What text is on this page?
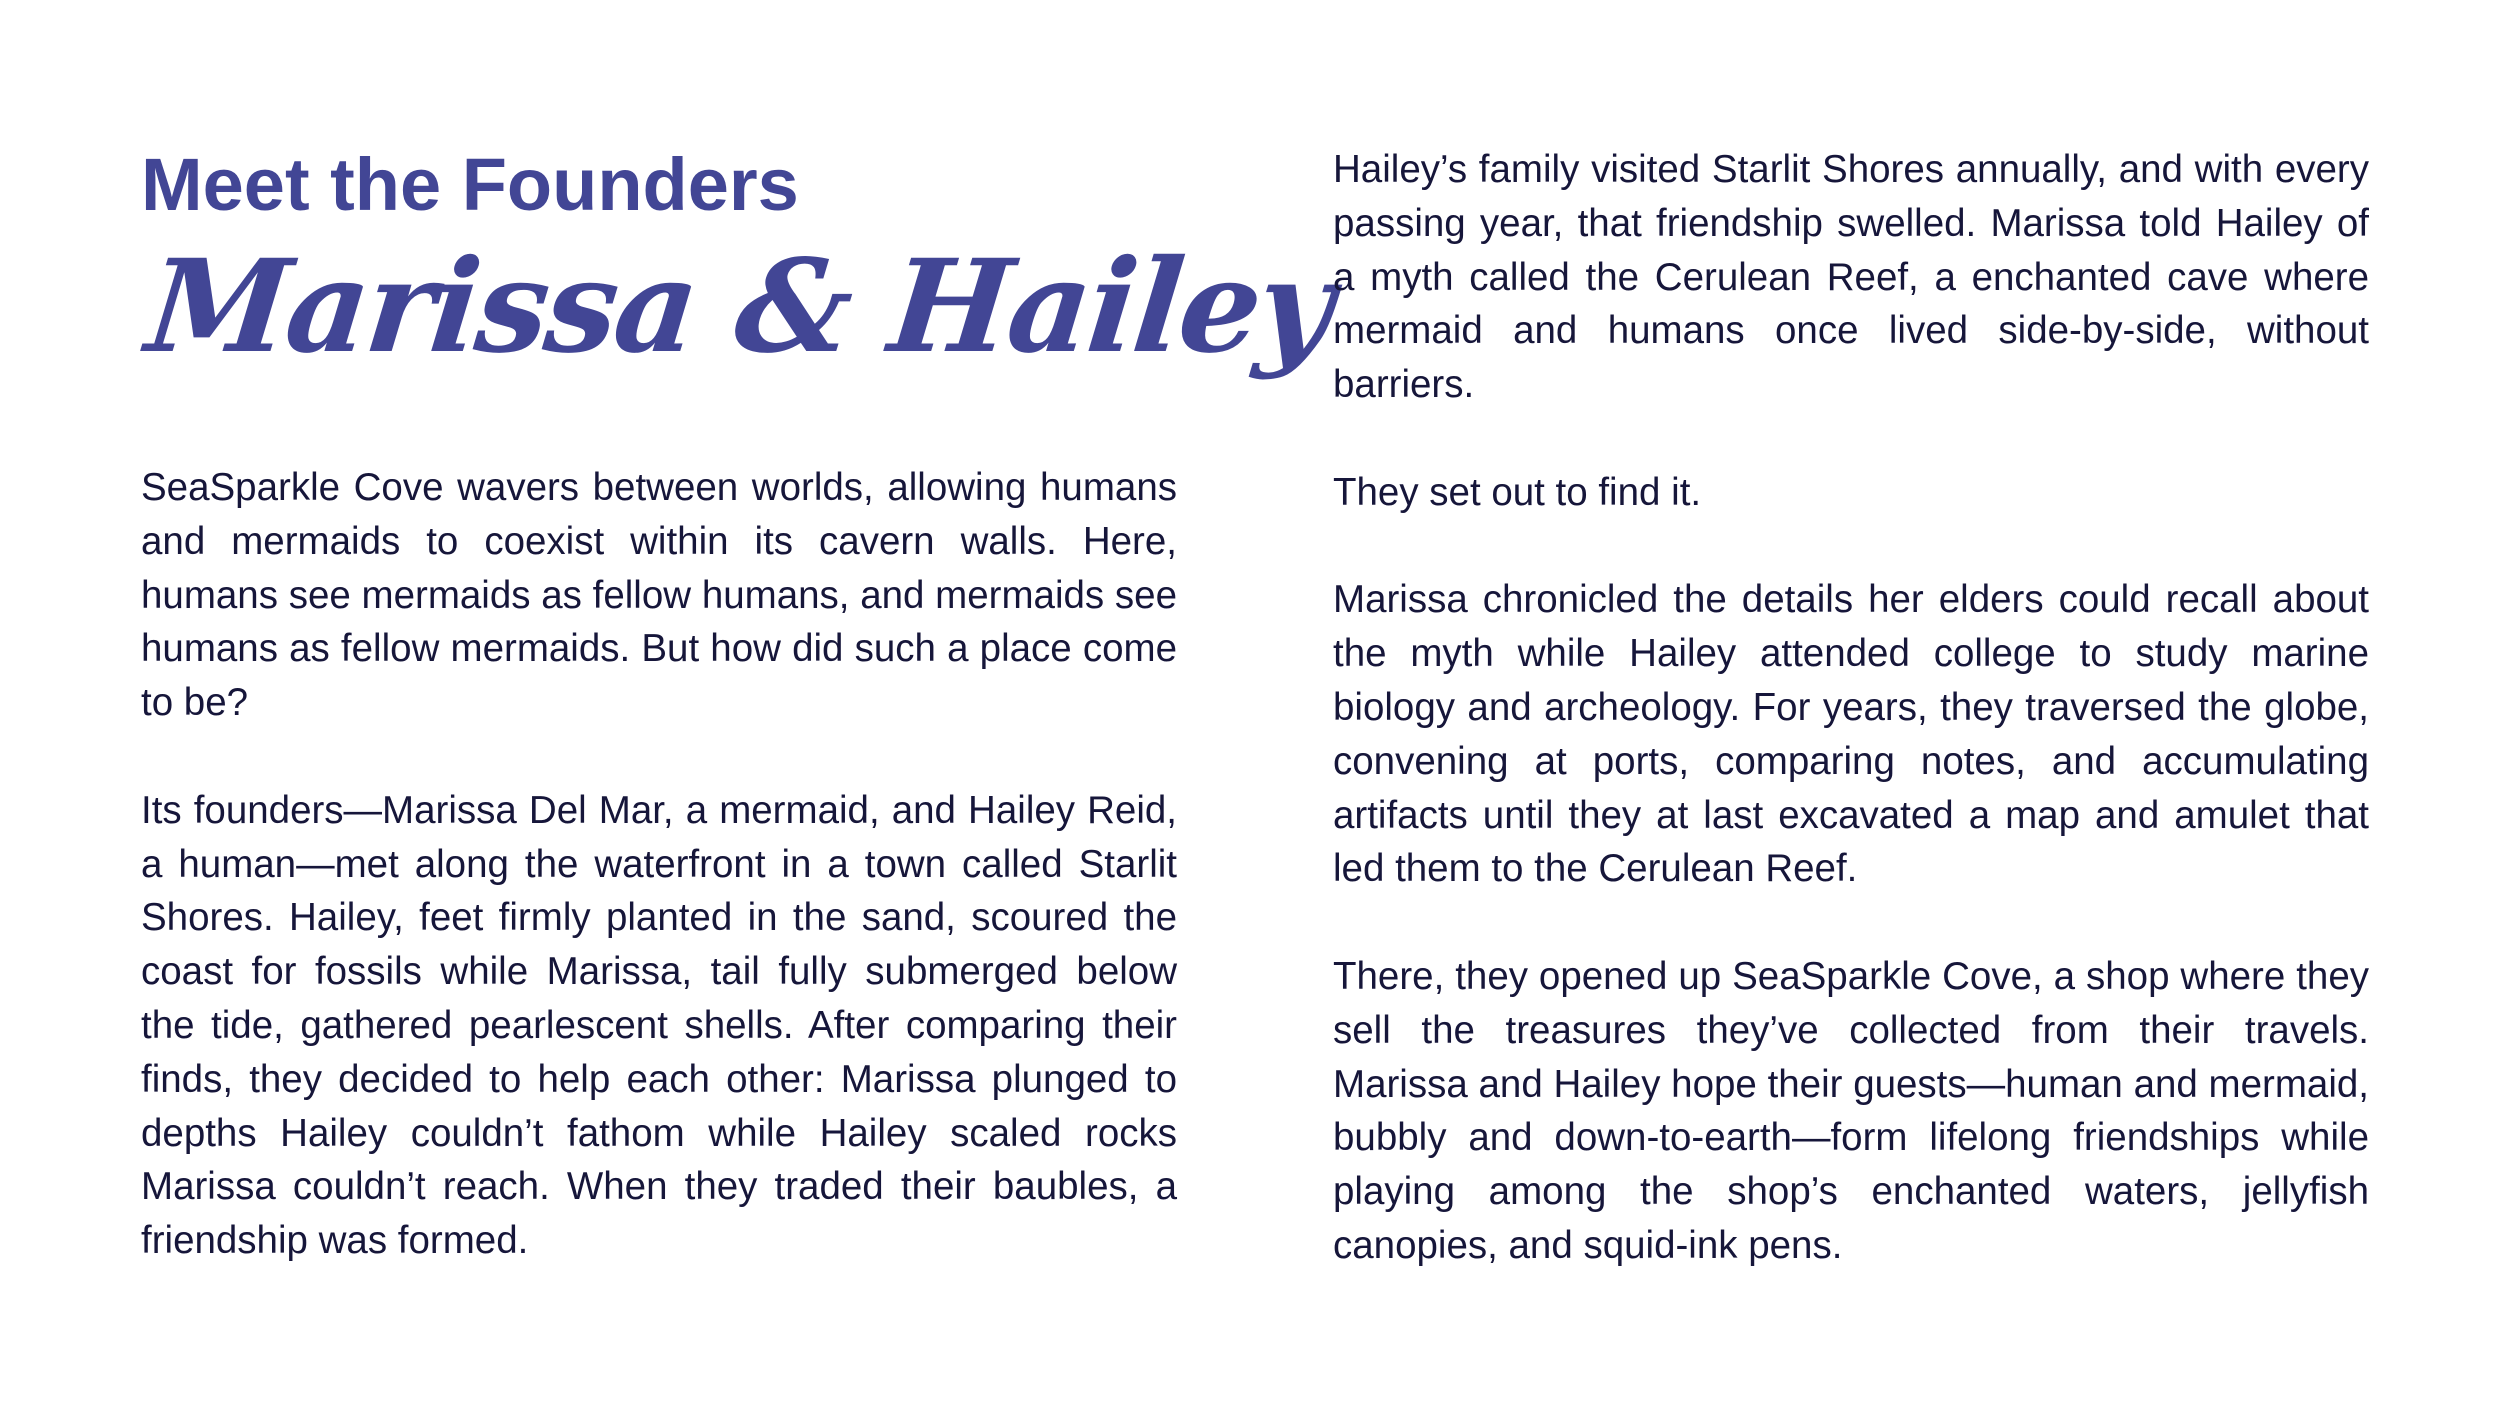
Meet the Founders
Marissa & Hailey

SeaSparkle Cove wavers between worlds, allowing humans and mermaids to coexist within its cavern walls. Here, humans see mermaids as fellow humans, and mermaids see humans as fellow mermaids. But how did such a place come to be?

Its founders—Marissa Del Mar, a mermaid, and Hailey Reid, a human—met along the waterfront in a town called Starlit Shores. Hailey, feet firmly planted in the sand, scoured the coast for fossils while Marissa, tail fully submerged below the tide, gathered pearlescent shells. After comparing their finds, they decided to help each other: Marissa plunged to depths Hailey couldn’t fathom while Hailey scaled rocks Marissa couldn’t reach. When they traded their baubles, a friendship was formed.

Hailey’s family visited Starlit Shores annually, and with every passing year, that friendship swelled. Marissa told Hailey of a myth called the Cerulean Reef, a enchanted cave where mermaid and humans once lived side-by-side, without barriers.

They set out to find it.

Marissa chronicled the details her elders could recall about the myth while Hailey attended college to study marine biology and archeology. For years, they traversed the globe, convening at ports, comparing notes, and accumulating artifacts until they at last excavated a map and amulet that led them to the Cerulean Reef.

There, they opened up SeaSparkle Cove, a shop where they sell the treasures they’ve collected from their travels. Marissa and Hailey hope their guests—human and mermaid, bubbly and down-to-earth—form lifelong friendships while playing among the shop’s enchanted waters, jellyfish canopies, and squid-ink pens.
